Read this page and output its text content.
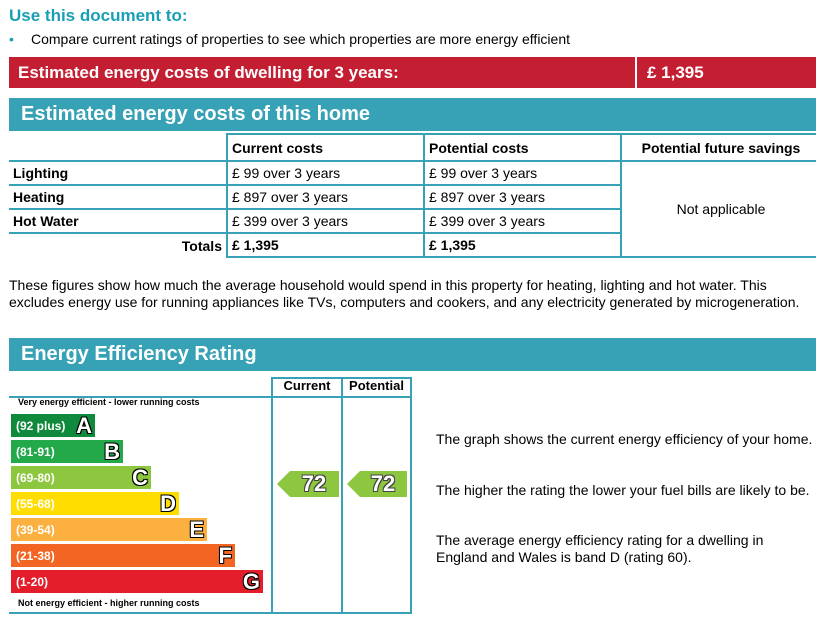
Use this document to:
•	Compare current ratings of properties to see which properties are more energy efficient
Estimated energy costs of dwelling for 3 years:	£ 1,395
Estimated energy costs of this home
	Current costs	Potential costs	Potential future savings
Lighting	£ 99 over 3 years	£ 99 over 3 years	Not applicable
Heating	£ 897 over 3 years	£ 897 over 3 years	
Hot Water	£ 399 over 3 years	£ 399 over 3 years	
Totals	£ 1,395	£ 1,395	
These figures show how much the average household would spend in this property for heating, lighting and hot water. This excludes energy use for running appliances like TVs, computers and cookers, and any electricity generated by microgeneration.
Energy Efficiency Rating
Current	Potential
Very energy efficient - lower running costs
Not energy efficient - higher running costs
(92 plus) A
(81-91) B
(69-80)	C
(55-68)	D
(39-54)	E
(21-38)	F
(1-20)	G
72	72
The graph shows the current energy efficiency of your home.
The higher the rating the lower your fuel bills are likely to be.
The average energy efficiency rating for a dwelling in England and Wales is band D (rating 60).
